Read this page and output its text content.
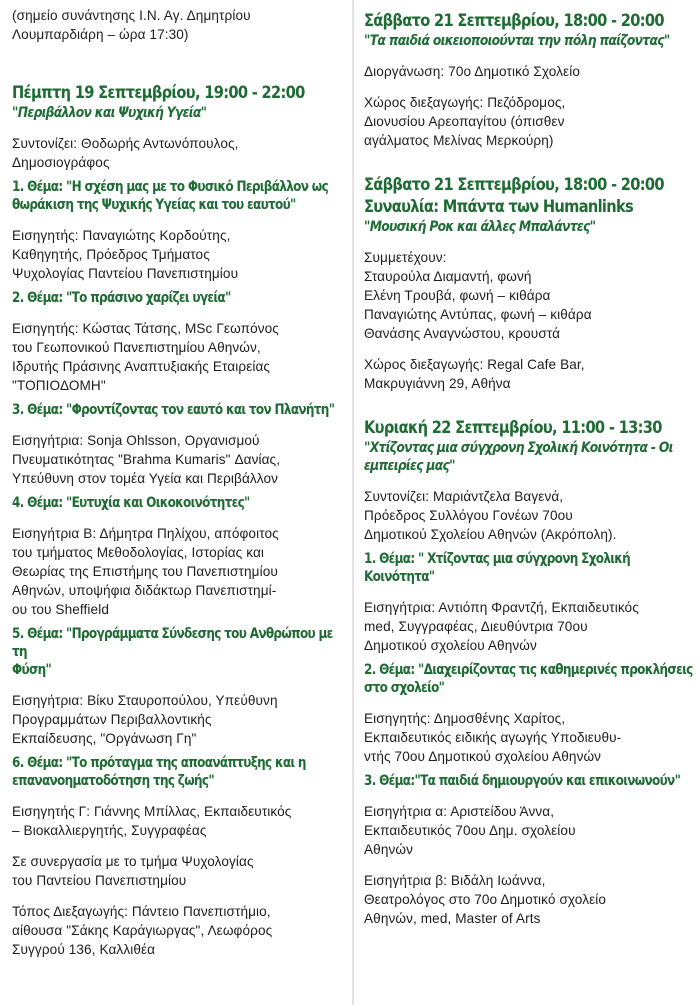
(σημείο συνάντησης Ι.Ν. Αγ. Δημητρίου

Λουμπαρδιάρη – ώρα 17:30)

Πέμπτη 19 Σεπτεμβρίου, 19:00 - 22:00
"Περιβάλλον και Ψυχική Υγεία"

Συντονίζει: Θοδωρής Αντωνόπουλος,

Δημοσιογράφος

1. Θέμα: "Η σχέση μας με το Φυσικό Περιβάλλον ως
θωράκιση της Ψυχικής Υγείας και του εαυτού"

Εισηγητής: Παναγιώτης Κορδούτης,

Καθηγητής, Πρόεδρος Τμήματος

Ψυχολογίας Παντείου Πανεπιστημίου

2. Θέμα: "Το πράσινο χαρίζει υγεία"

Εισηγητής: Κώστας Τάτσης, MSc Γεωπόνος

του Γεωπονικού Πανεπιστημίου Αθηνών,

Ιδρυτής Πράσινης Αναπτυξιακής Εταιρείας

"ΤΟΠΙΟΔΟΜΗ"

3. Θέμα: "Φροντίζοντας τον εαυτό και τον Πλανήτη"

Εισηγήτρια: Sonja Ohlsson, Οργανισμού

Πνευματικότητας "Brahma Kumaris" Δανίας,

Υπεύθυνη στον τομέα Υγεία και Περιβάλλον

4. Θέμα: "Ευτυχία και Οικοκοινότητες"

Εισηγήτρια Β: Δήμητρα Πηλίχου, απόφοιτος

του τμήματος Μεθοδολογίας, Ιστορίας και

Θεωρίας της Επιστήμης του Πανεπιστημίου

Αθηνών, υποψήφια διδάκτωρ Πανεπιστημί-

ου του Sheffield

5. Θέμα: "Προγράμματα Σύνδεσης του Ανθρώπου με τη
Φύση"

Εισηγήτρια: Βίκυ Σταυροπούλου, Υπεύθυνη

Προγραμμάτων Περιβαλλοντικής

Εκπαίδευσης, "Οργάνωση Γη"

6. Θέμα: "Το πρόταγμα της αποανάπτυξης και η
επανανοηματοδότηση της ζωής"

Εισηγητής Γ: Γιάννης Μπίλλας, Εκπαιδευτικός

– Βιοκαλλιεργητής, Συγγραφέας

Σε συνεργασία με το τμήμα Ψυχολογίας

του Παντείου Πανεπιστημίου

Τόπος Διεξαγωγής: Πάντειο Πανεπιστήμιο,

αίθουσα "Σάκης Καράγιωργας", Λεωφόρος

Συγγρού 136, Καλλιθέα

Σάββατο 21 Σεπτεμβρίου, 18:00 - 20:00
"Τα παιδιά οικειοποιούνται την πόλη παίζοντας"

Διοργάνωση: 70ο Δημοτικό Σχολείο

Χώρος διεξαγωγής: Πεζόδρομος,

Διονυσίου Αρεοπαγίτου (όπισθεν

αγάλματος Μελίνας Μερκούρη)

Σάββατο 21 Σεπτεμβρίου, 18:00 - 20:00
Συναυλία: Μπάντα των Humanlinks
"Μουσική Ροκ και άλλες Μπαλάντες"

Συμμετέχουν:

Σταυρούλα Διαμαντή, φωνή

Ελένη Τρουβά, φωνή – κιθάρα

Παναγιώτης Αντύπας, φωνή – κιθάρα

Θανάσης Αναγνώστου, κρουστά

Χώρος διεξαγωγής: Regal Cafe Bar,

Μακρυγιάννη 29, Αθήνα

Κυριακή 22 Σεπτεμβρίου, 11:00 - 13:30
"Χτίζοντας μια σύγχρονη Σχολική Κοινότητα - Οι
εμπειρίες μας"

Συντονίζει: Μαριάντζελα Βαγενά,

Πρόεδρος Συλλόγου Γονέων 70ου

Δημοτικού Σχολείου Αθηνών (Ακρόπολη).

1. Θέμα: " Χτίζοντας μια σύγχρονη Σχολική Κοινότητα"

Εισηγήτρια: Αντιόπη Φραντζή, Εκπαιδευτικός

med, Συγγραφέας, Διευθύντρια 70ου

Δημοτικού σχολείου Αθηνών

2. Θέμα: "Διαχειρίζοντας τις καθημερινές προκλήσεις
στο σχολείο"

Εισηγητής: Δημοσθένης Χαρίτος,

Εκπαιδευτικός ειδικής αγωγής Υποδιευθυ-

ντής 70ου Δημοτικού σχολείου Αθηνών

3. Θέμα:"Τα παιδιά δημιουργούν και επικοινωνούν"

Εισηγήτρια α: Αριστείδου Άννα,

Εκπαιδευτικός 70ου Δημ. σχολείου

Αθηνών

Εισηγήτρια β: Βιδάλη Ιωάννα,

Θεατρολόγος στο 70ο Δημοτικό σχολείο

Αθηνών, med, Master of Arts
